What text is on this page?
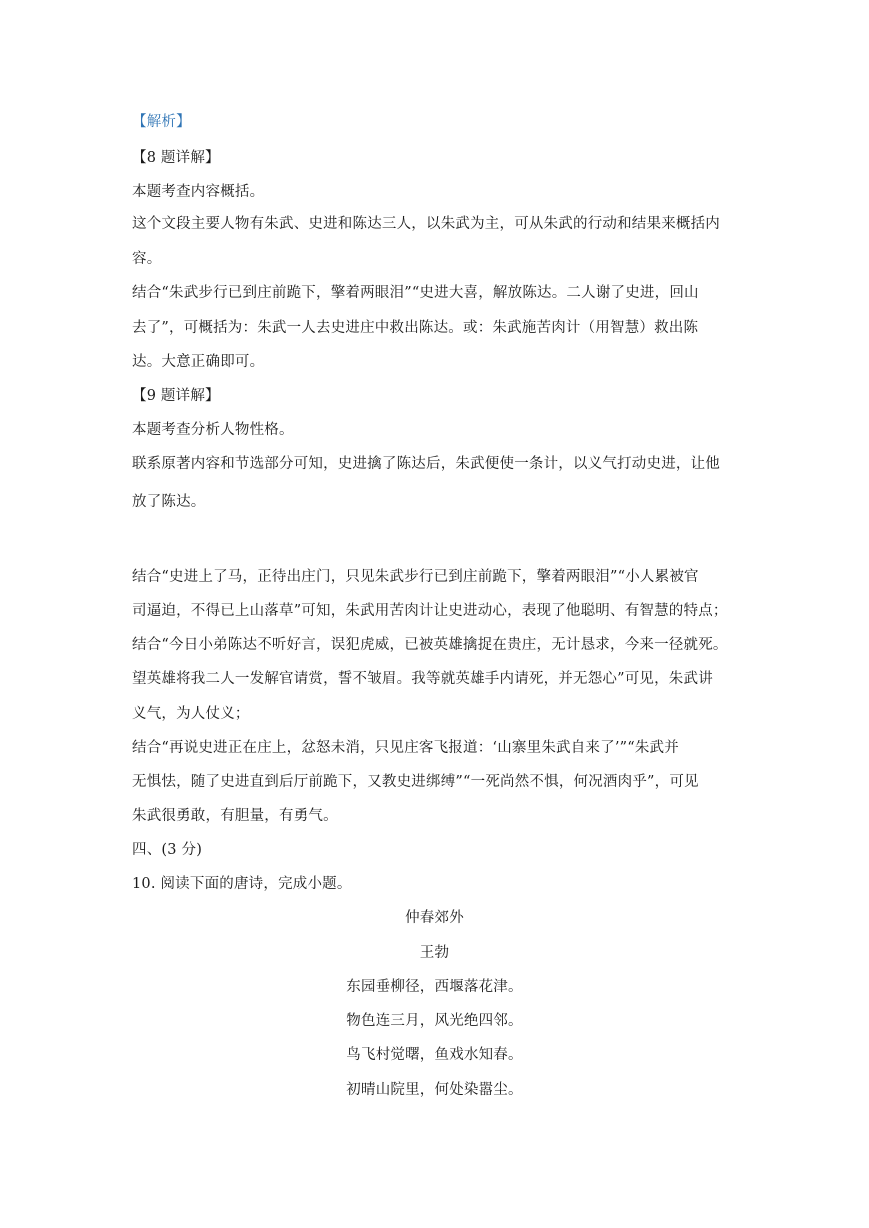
【解析】
【8 题详解】
本题考查内容概括。
这个文段主要人物有朱武、史进和陈达三人，以朱武为主，可从朱武的行动和结果来概括内
容。
结合“朱武步行已到庄前跪下，擎着两眼泪”“史进大喜，解放陈达。二人谢了史进，回山
去了”，可概括为：朱武一人去史进庄中救出陈达。或：朱武施苦肉计（用智慧）救出陈
达。大意正确即可。
【9 题详解】
本题考查分析人物性格。
联系原著内容和节选部分可知，史进擒了陈达后，朱武便使一条计，以义气打动史进，让他
放了陈达。
结合“史进上了马，正待出庄门，只见朱武步行已到庄前跪下，擎着两眼泪”“小人累被官
司逼迫，不得已上山落草”可知，朱武用苦肉计让史进动心，表现了他聪明、有智慧的特点；
结合“今日小弟陈达不听好言，误犯虎威，已被英雄擒捉在贵庄，无计恳求，今来一径就死。
望英雄将我二人一发解官请赏，誓不皱眉。我等就英雄手内请死，并无怨心”可见，朱武讲
义气，为人仗义；
结合“再说史进正在庄上，忿怒未消，只见庄客飞报道：‘山寨里朱武自来了’”“朱武并
无惧怯，随了史进直到后厅前跪下，又教史进绑缚”“一死尚然不惧，何况酒肉乎”，可见
朱武很勇敢，有胆量，有勇气。
四、(3 分)
10. 阅读下面的唐诗，完成小题。
仲春郊外
王勃
东园垂柳径，西堰落花津。
物色连三月，风光绝四邻。
鸟飞村觉曙，鱼戏水知春。
初晴山院里，何处染嚣尘。
